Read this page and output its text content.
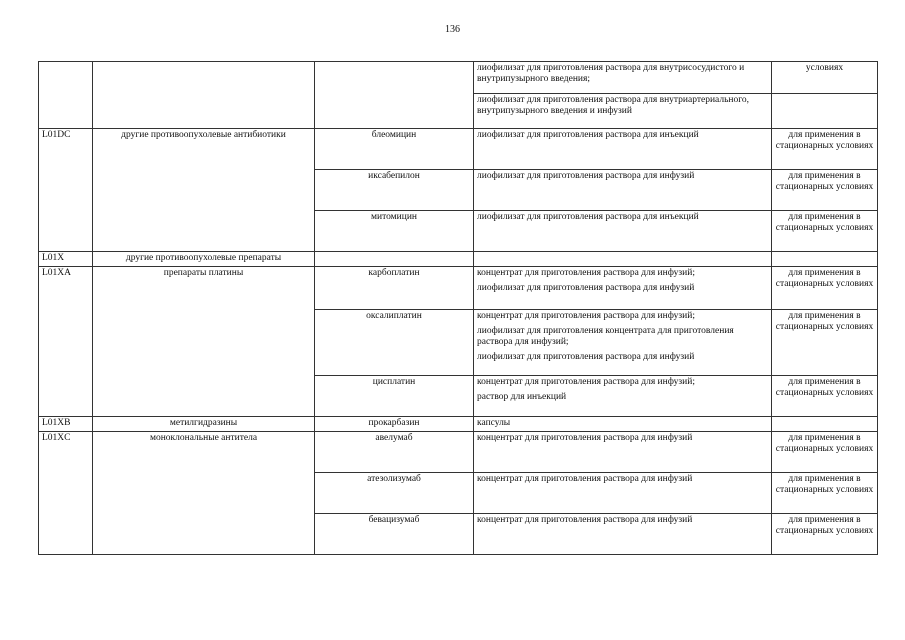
136

			лиофилизат для приготовления раствора для внутрисосудистого и внутрипузырного введения;	условиях

			лиофилизат для приготовления раствора для внутриартериального, внутрипузырного введения и инфузий	

L01DC	другие противоопухолевые антибиотики	блеомицин	лиофилизат для приготовления раствора для инъекций	для применения в стационарных условиях
		иксабепилон	лиофилизат для приготовления раствора для инфузий	для применения в стационарных условиях
		митомицин	лиофилизат для приготовления раствора для инъекций	для применения в стационарных условиях
L01X	другие противоопухолевые препараты			
L01XA	препараты платины	карбоплатин	концентрат для приготовления раствора для инфузий;
лиофилизат для приготовления раствора для инфузий	для применения в стационарных условиях
		оксалиплатин	концентрат для приготовления раствора для инфузий;
лиофилизат для приготовления концентрата для приготовления раствора для инфузий;
лиофилизат для приготовления раствора для инфузий	для применения в стационарных условиях
		цисплатин	концентрат для приготовления раствора для инфузий;
раствор для инъекций	для применения в стационарных условиях
L01XB	метилгидразины	прокарбазин	капсулы	
L01XC	моноклональные антитела	авелумаб	концентрат для приготовления раствора для инфузий	для применения в стационарных условиях
		атезолизумаб	концентрат для приготовления раствора для инфузий	для применения в стационарных условиях
		бевацизумаб	концентрат для приготовления раствора для инфузий	для применения в стационарных условиях
